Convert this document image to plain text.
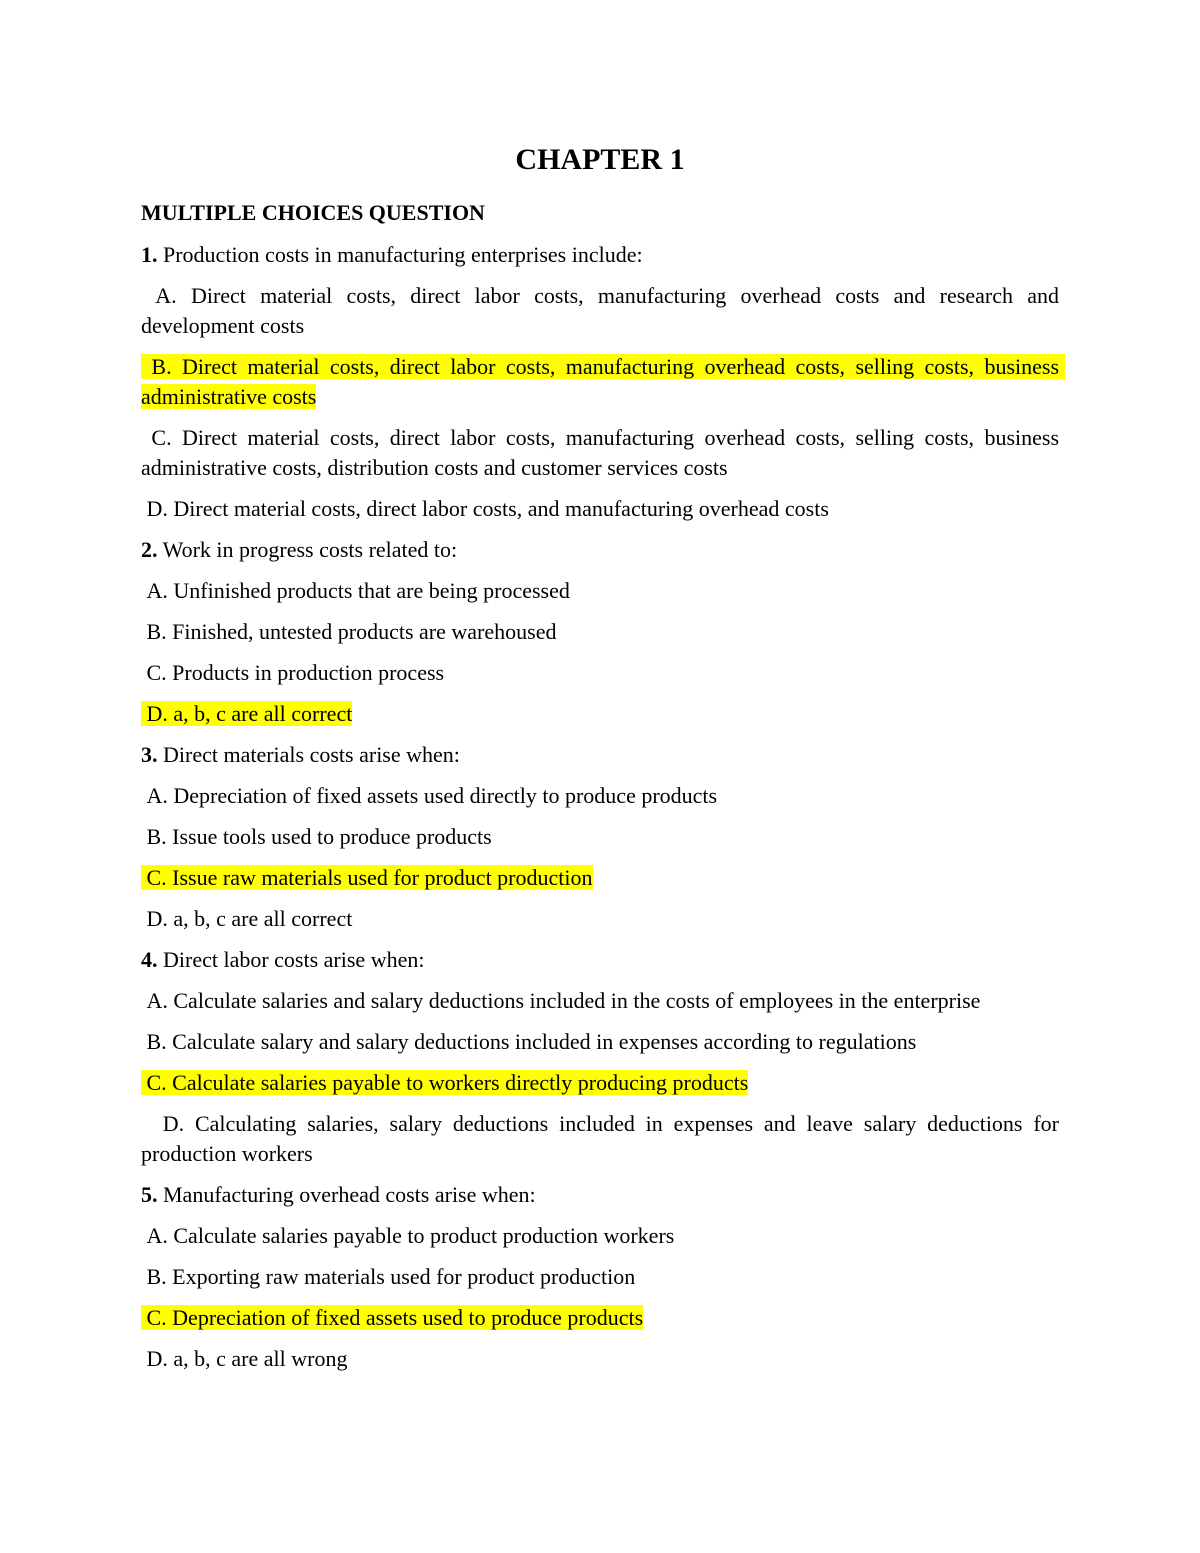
CHAPTER 1
MULTIPLE CHOICES QUESTION
1. Production costs in manufacturing enterprises include:
A. Direct material costs, direct labor costs, manufacturing overhead costs and research and development costs
B. Direct material costs, direct labor costs, manufacturing overhead costs, selling costs, business administrative costs
C. Direct material costs, direct labor costs, manufacturing overhead costs, selling costs, business administrative costs, distribution costs and customer services costs
D. Direct material costs, direct labor costs, and manufacturing overhead costs
2. Work in progress costs related to:
A. Unfinished products that are being processed
B. Finished, untested products are warehoused
C. Products in production process
D. a, b, c are all correct
3. Direct materials costs arise when:
A. Depreciation of fixed assets used directly to produce products
B. Issue tools used to produce products
C. Issue raw materials used for product production
D. a, b, c are all correct
4. Direct labor costs arise when:
A. Calculate salaries and salary deductions included in the costs of employees in the enterprise
B. Calculate salary and salary deductions included in expenses according to regulations
C. Calculate salaries payable to workers directly producing products
D. Calculating salaries, salary deductions included in expenses and leave salary deductions for production workers
5. Manufacturing overhead costs arise when:
A. Calculate salaries payable to product production workers
B. Exporting raw materials used for product production
C. Depreciation of fixed assets used to produce products
D. a, b, c are all wrong
